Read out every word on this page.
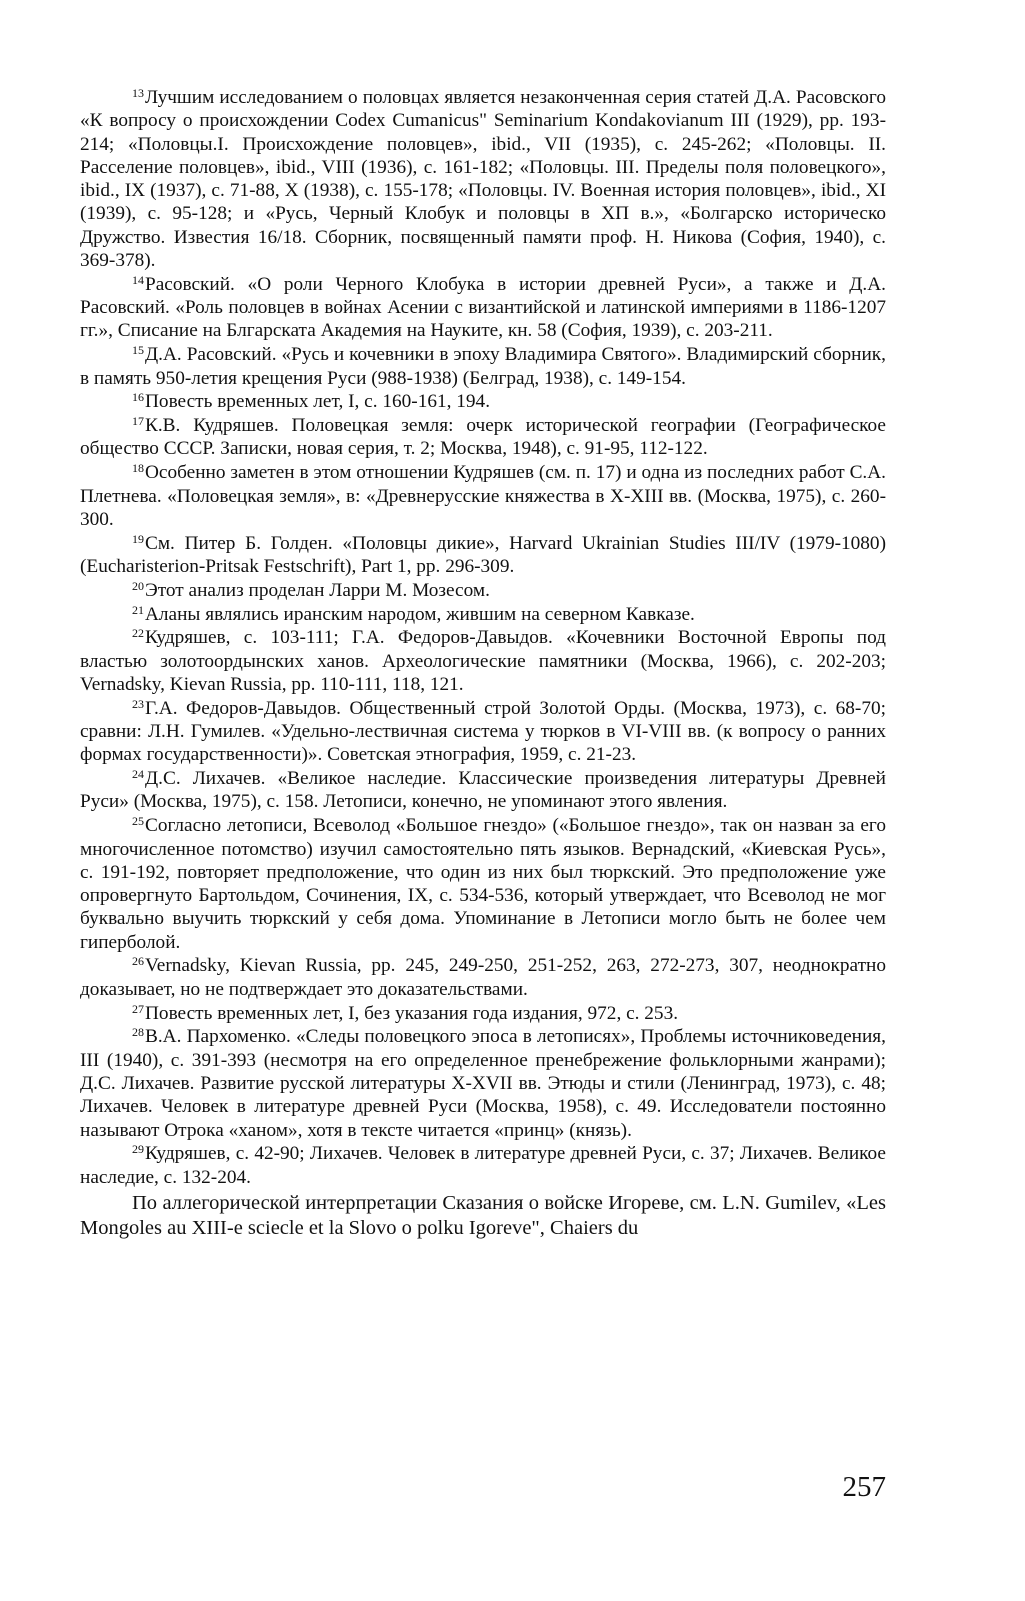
$^{13}$Лучшим исследованием о половцах является незаконченная серия статей Д.А. Расовского «К вопросу о происхождении Codex Cumanicus" Seminarium Kondakovianum III (1929), pp. 193-214; «Половцы.I. Происхождение половцев», ibid., VII (1935), с. 245-262; «Половцы. II. Расселение половцев», ibid., VIII (1936), с. 161-182; «Половцы. III. Пределы поля половецкого», ibid., IX (1937), с. 71-88, X (1938), с. 155-178; «Половцы. IV. Военная история половцев», ibid., XI (1939), с. 95-128; и «Русь, Черный Клобук и половцы в ХП в.», «Болгарско историческо Дружство. Известия 16/18. Сборник, посвященный памяти проф. Н. Никова (София, 1940), с. 369-378).

$^{14}$Расовский. «О роли Черного Клобука в истории древней Руси», а также и Д.А. Расовский. «Роль половцев в войнах Асении с византийской и латинской империями в 1186-1207 гг.», Списание на Блгарската Академия на Науките, кн. 58 (София, 1939), с. 203-211.

$^{15}$Д.А. Расовский. «Русь и кочевники в эпоху Владимира Святого». Владимирский сборник, в память 950-летия крещения Руси (988-1938) (Белград, 1938), с. 149-154.

$^{16}$Повесть временных лет, I, с. 160-161, 194.

$^{17}$К.В. Кудряшев. Половецкая земля: очерк исторической географии (Географическое общество СССР. Записки, новая серия, т. 2; Москва, 1948), с. 91-95, 112-122.

$^{18}$Особенно заметен в этом отношении Кудряшев (см. п. 17) и одна из последних работ С.А. Плетнева. «Половецкая земля», в: «Древнерусские княжества в X-XIII вв. (Москва, 1975), с. 260-300.

$^{19}$См. Питер Б. Голден. «Половцы дикие», Harvard Ukrainian Studies III/IV (1979-1080) (Eucharisterion-Pritsak Festschrift), Part 1, pp. 296-309.

$^{20}$Этот анализ проделан Ларри М. Мозесом.

$^{21}$Аланы являлись иранским народом, жившим на северном Кавказе.

$^{22}$Кудряшев, с. 103-111; Г.А. Федоров-Давыдов. «Кочевники Восточной Европы под властью золотоордынских ханов. Археологические памятники (Москва, 1966), с. 202-203; Vernadsky, Kievan Russia, pp. 110-111, 118, 121.

$^{23}$Г.А. Федоров-Давыдов. Общественный строй Золотой Орды. (Москва, 1973), с. 68-70; сравни: Л.Н. Гумилев. «Удельно-лествичная система у тюрков в VI-VIII вв. (к вопросу о ранних формах государственности)». Советская этнография, 1959, с. 21-23.

$^{24}$Д.С. Лихачев. «Великое наследие. Классические произведения литературы Древней Руси» (Москва, 1975), с. 158. Летописи, конечно, не упоминают этого явления.

$^{25}$Согласно летописи, Всеволод «Большое гнездо» («Большое гнездо», так он назван за его многочисленное потомство) изучил самостоятельно пять языков. Вернадский, «Киевская Русь», с. 191-192, повторяет предположение, что один из них был тюркский. Это предположение уже опровергнуто Бартольдом, Сочинения, IX, с. 534-536, который утверждает, что Всеволод не мог буквально выучить тюркский у себя дома. Упоминание в Летописи могло быть не более чем гиперболой.

$^{26}$Vernadsky, Kievan Russia, pp. 245, 249-250, 251-252, 263, 272-273, 307, неоднократно доказывает, но не подтверждает это доказательствами.

$^{27}$Повесть временных лет, I, без указания года издания, 972, с. 253.

$^{28}$В.А. Пархоменко. «Следы половецкого эпоса в летописях», Проблемы источниковедения, III (1940), с. 391-393 (несмотря на его определенное пренебрежение фольклорными жанрами); Д.С. Лихачев. Развитие русской литературы X-XVII вв. Этюды и стили (Ленинград, 1973), с. 48; Лихачев. Человек в литературе древней Руси (Москва, 1958), с. 49. Исследователи постоянно называют Отрока «ханом», хотя в тексте читается «принц» (князь).

$^{29}$Кудряшев, с. 42-90; Лихачев. Человек в литературе древней Руси, с. 37; Лихачев. Великое наследие, с. 132-204.

По аллегорической интерпретации Сказания о войске Игореве, см. L.N. Gumilev, «Les Mongoles au XIII-e sciecle et la Slovo o polku Igoreve", Chaiers du

257
